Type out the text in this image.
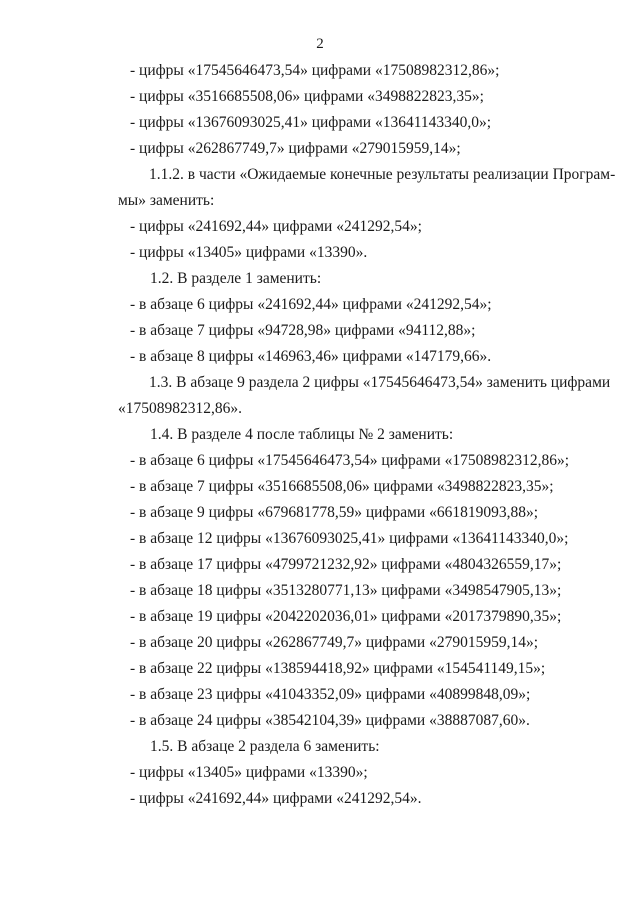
2
- цифры «17545646473,54» цифрами «17508982312,86»;
- цифры «3516685508,06» цифрами «3498822823,35»;
- цифры «13676093025,41» цифрами «13641143340,0»;
- цифры «262867749,7» цифрами «279015959,14»;
1.1.2. в части «Ожидаемые конечные результаты реализации Програм-
мы» заменить:
- цифры «241692,44» цифрами «241292,54»;
- цифры «13405» цифрами «13390».
1.2. В разделе 1 заменить:
- в абзаце 6 цифры «241692,44» цифрами «241292,54»;
- в абзаце 7 цифры «94728,98» цифрами «94112,88»;
- в абзаце 8 цифры «146963,46» цифрами «147179,66».
1.3. В абзаце 9 раздела 2 цифры «17545646473,54» заменить цифрами
«17508982312,86».
1.4. В разделе 4 после таблицы № 2 заменить:
- в абзаце 6 цифры «17545646473,54» цифрами «17508982312,86»;
- в абзаце 7 цифры «3516685508,06» цифрами «3498822823,35»;
- в абзаце 9 цифры «679681778,59» цифрами «661819093,88»;
- в абзаце 12 цифры «13676093025,41» цифрами «13641143340,0»;
- в абзаце 17 цифры «4799721232,92» цифрами «4804326559,17»;
- в абзаце 18 цифры «3513280771,13» цифрами «3498547905,13»;
- в абзаце 19 цифры «2042202036,01» цифрами «2017379890,35»;
- в абзаце 20 цифры «262867749,7» цифрами «279015959,14»;
- в абзаце 22 цифры «138594418,92» цифрами «154541149,15»;
- в абзаце 23 цифры «41043352,09» цифрами «40899848,09»;
- в абзаце 24 цифры «38542104,39» цифрами «38887087,60».
1.5. В абзаце 2 раздела 6 заменить:
- цифры «13405» цифрами «13390»;
- цифры «241692,44» цифрами «241292,54».
